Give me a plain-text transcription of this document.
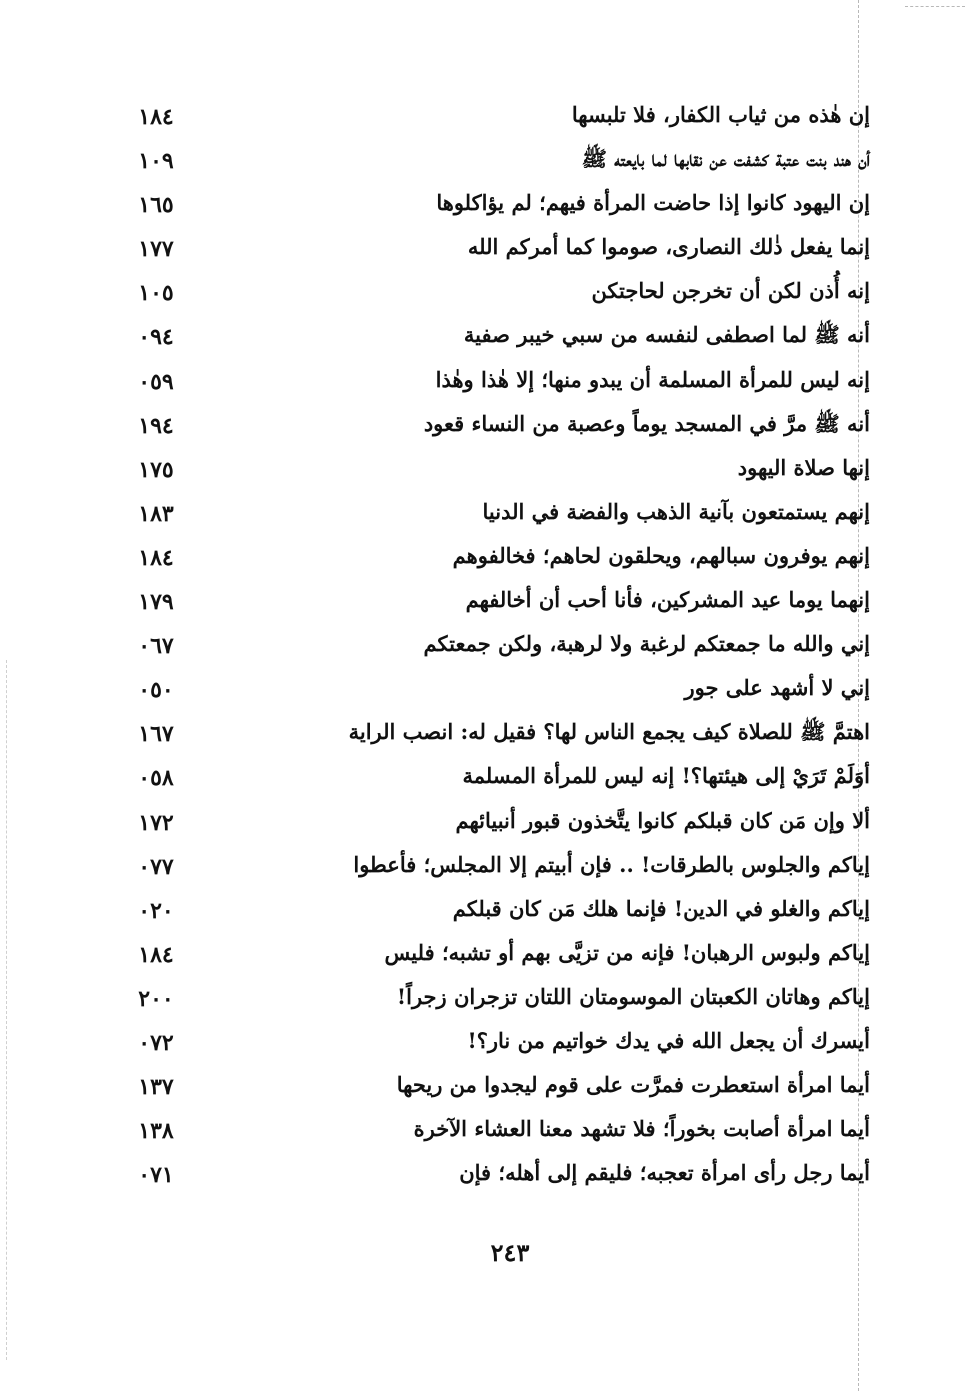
إن هٰذه من ثياب الكفار، فلا تلبسها
١٨٤
أن هند بنت عتبة كشفت عن نقابها لما بايعته ﷺ
١٠٩
إن اليهود كانوا إذا حاضت المرأة فيهم؛ لم يؤاكلوها
١٦٥
إنما يفعل ذٰلك النصارى، صوموا كما أمركم الله
١٧٧
إنه أُذن لكن أن تخرجن لحاجتكن
١٠٥
أنه ﷺ لما اصطفى لنفسه من سبي خيبر صفية
٠٩٤
إنه ليس للمرأة المسلمة أن يبدو منها؛ إلا هٰذا وهٰذا
٠٥٩
أنه ﷺ مرَّ في المسجد يوماً وعصبة من النساء قعود
١٩٤
إنها صلاة اليهود
١٧٥
إنهم يستمتعون بآنية الذهب والفضة في الدنيا
١٨٣
إنهم يوفرون سبالهم، ويحلقون لحاهم؛ فخالفوهم
١٨٤
إنهما يوما عيد المشركين، فأنا أحب أن أخالفهم
١٧٩
إني والله ما جمعتكم لرغبة ولا لرهبة، ولكن جمعتكم
٠٦٧
إني لا أشهد على جور
٠٥٠
اهتمَّ ﷺ للصلاة كيف يجمع الناس لها؟ فقيل له: انصب الراية
١٦٧
أوَلَمْ تَرَيْ إلى هيئتها؟! إنه ليس للمرأة المسلمة
٠٥٨
ألا وإن مَن كان قبلكم كانوا يتَّخذون قبور أنبيائهم
١٧٢
إياكم والجلوس بالطرقات! .. فإن أبيتم إلا المجلس؛ فأعطوا
٠٧٧
إياكم والغلو في الدين! فإنما هلك مَن كان قبلكم
٠٢٠
إياكم ولبوس الرهبان! فإنه من تزيَّى بهم أو تشبه؛ فليس
١٨٤
إياكم وهاتان الكعبتان الموسومتان اللتان تزجران زجراً!
٢٠٠
أيسرك أن يجعل الله في يدك خواتيم من نار؟!
٠٧٢
أيما امرأة استعطرت فمرَّت على قوم ليجدوا من ريحها
١٣٧
أيما امرأة أصابت بخوراً؛ فلا تشهد معنا العشاء الآخرة
١٣٨
أيما رجل رأى امرأة تعجبه؛ فليقم إلى أهله؛ فإن
٠٧١
٢٤٣
